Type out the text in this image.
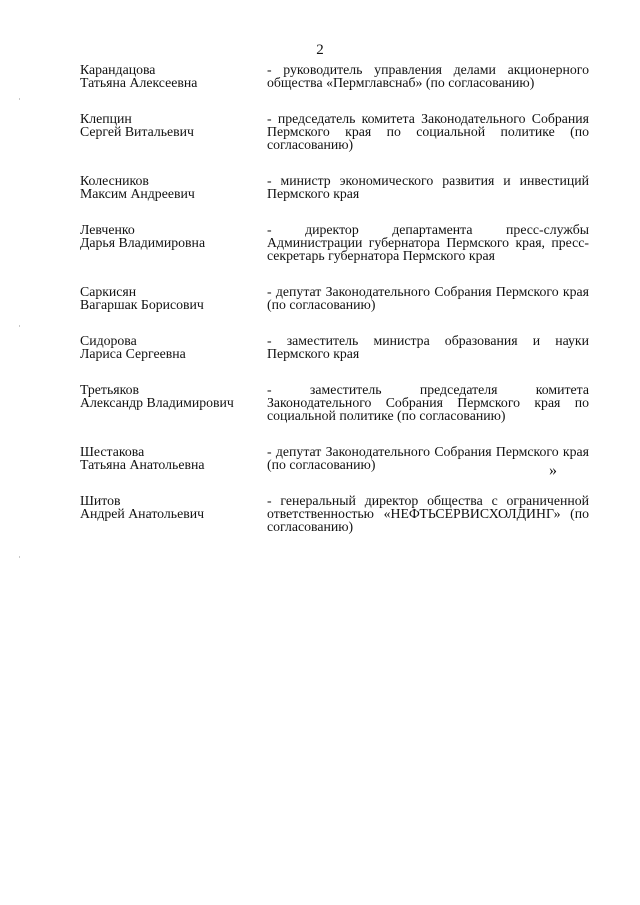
2
Карандацова
Татьяна Алексеевна
- руководитель управления делами акционерного общества «Пермглавснаб» (по согласованию)
Клепцин
Сергей Витальевич
- председатель комитета Законодательного Собрания Пермского края по социальной политике (по согласованию)
Колесников
Максим Андреевич
- министр экономического развития и инвестиций Пермского края
Левченко
Дарья Владимировна
- директор департамента пресс-службы Администрации губернатора Пермского края, пресс-секретарь губернатора Пермского края
Саркисян
Вагаршак Борисович
- депутат Законодательного Собрания Пермского края (по согласованию)
Сидорова
Лариса Сергеевна
- заместитель министра образования и науки Пермского края
Третьяков
Александр Владимирович
- заместитель председателя комитета Законодательного Собрания Пермского края по социальной политике (по согласованию)
Шестакова
Татьяна Анатольевна
- депутат Законодательного Собрания Пермского края (по согласованию)
Шитов
Андрей Анатольевич
- генеральный директор общества с ограниченной ответственностью «НЕФТЬСЕРВИСХОЛДИНГ» (по согласованию)
»
